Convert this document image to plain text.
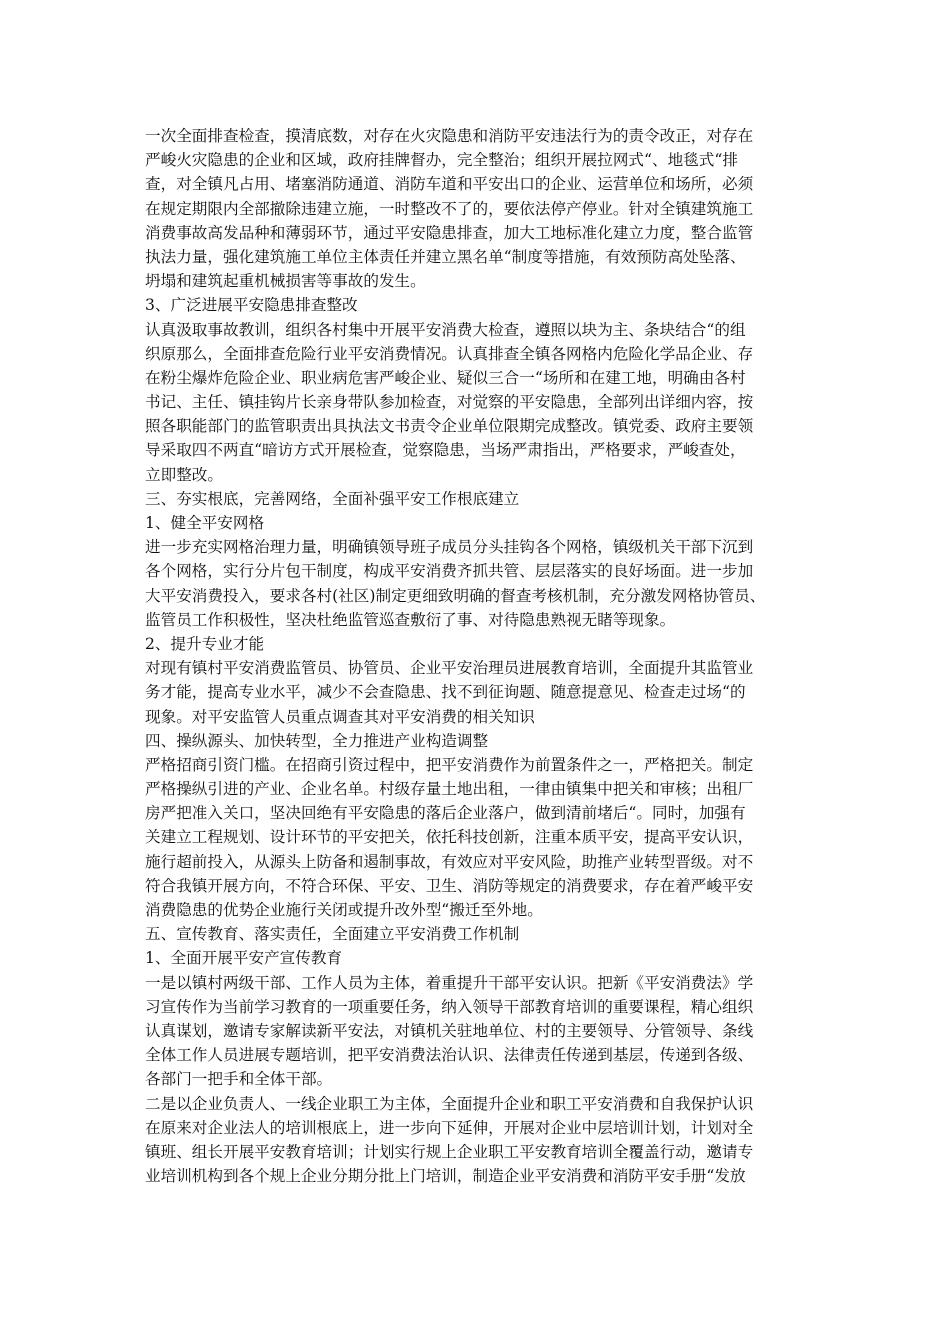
一次全面排查检查，摸清底数，对存在火灾隐患和消防平安违法行为的责令改正，对存在
严峻火灾隐患的企业和区域，政府挂牌督办，完全整治；组织开展拉网式“、地毯式“排
查，对全镇凡占用、堵塞消防通道、消防车道和平安出口的企业、运营单位和场所，必须
在规定期限内全部撤除违建立施，一时整改不了的，要依法停产停业。针对全镇建筑施工
消费事故高发品种和薄弱环节，通过平安隐患排查，加大工地标准化建立力度，整合监管
执法力量，强化建筑施工单位主体责任并建立黑名单“制度等措施，有效预防高处坠落、
坍塌和建筑起重机械损害等事故的发生。
3、广泛进展平安隐患排查整改
认真汲取事故教训，组织各村集中开展平安消费大检查，遵照以块为主、条块结合“的组
织原那么，全面排查危险行业平安消费情况。认真排查全镇各网格内危险化学品企业、存
在粉尘爆炸危险企业、职业病危害严峻企业、疑似三合一“场所和在建工地，明确由各村
书记、主任、镇挂钩片长亲身带队参加检查，对觉察的平安隐患，全部列出详细内容，按
照各职能部门的监管职责出具执法文书责令企业单位限期完成整改。镇党委、政府主要领
导采取四不两直“暗访方式开展检查，觉察隐患，当场严肃指出，严格要求，严峻查处，
立即整改。
三、夯实根底，完善网络，全面补强平安工作根底建立
1、健全平安网格
进一步充实网格治理力量，明确镇领导班子成员分头挂钩各个网格，镇级机关干部下沉到
各个网格，实行分片包干制度，构成平安消费齐抓共管、层层落实的良好场面。进一步加
大平安消费投入，要求各村(社区)制定更细致明确的督查考核机制，充分激发网格协管员、
监管员工作积极性，坚决杜绝监管巡查敷衍了事、对待隐患熟视无睹等现象。
2、提升专业才能
对现有镇村平安消费监管员、协管员、企业平安治理员进展教育培训，全面提升其监管业
务才能，提高专业水平，减少不会查隐患、找不到征询题、随意提意见、检查走过场“的
现象。对平安监管人员重点调查其对平安消费的相关知识
四、操纵源头、加快转型，全力推进产业构造调整
严格招商引资门槛。在招商引资过程中，把平安消费作为前置条件之一，严格把关。制定
严格操纵引进的产业、企业名单。村级存量土地出租，一律由镇集中把关和审核；出租厂
房严把准入关口，坚决回绝有平安隐患的落后企业落户，做到清前堵后“。同时，加强有
关建立工程规划、设计环节的平安把关，依托科技创新，注重本质平安，提高平安认识，
施行超前投入，从源头上防备和遏制事故，有效应对平安风险，助推产业转型晋级。对不
符合我镇开展方向，不符合环保、平安、卫生、消防等规定的消费要求，存在着严峻平安
消费隐患的优势企业施行关闭或提升改外型“搬迁至外地。
五、宣传教育、落实责任，全面建立平安消费工作机制
1、全面开展平安产宣传教育
一是以镇村两级干部、工作人员为主体，着重提升干部平安认识。把新《平安消费法》学
习宣传作为当前学习教育的一项重要任务，纳入领导干部教育培训的重要课程，精心组织
认真谋划，邀请专家解读新平安法，对镇机关驻地单位、村的主要领导、分管领导、条线
全体工作人员进展专题培训，把平安消费法治认识、法律责任传递到基层，传递到各级、
各部门一把手和全体干部。
二是以企业负责人、一线企业职工为主体，全面提升企业和职工平安消费和自我保护认识
在原来对企业法人的培训根底上，进一步向下延伸，开展对企业中层培训计划，计划对全
镇班、组长开展平安教育培训；计划实行规上企业职工平安教育培训全覆盖行动，邀请专
业培训机构到各个规上企业分期分批上门培训，制造企业平安消费和消防平安手册“发放
